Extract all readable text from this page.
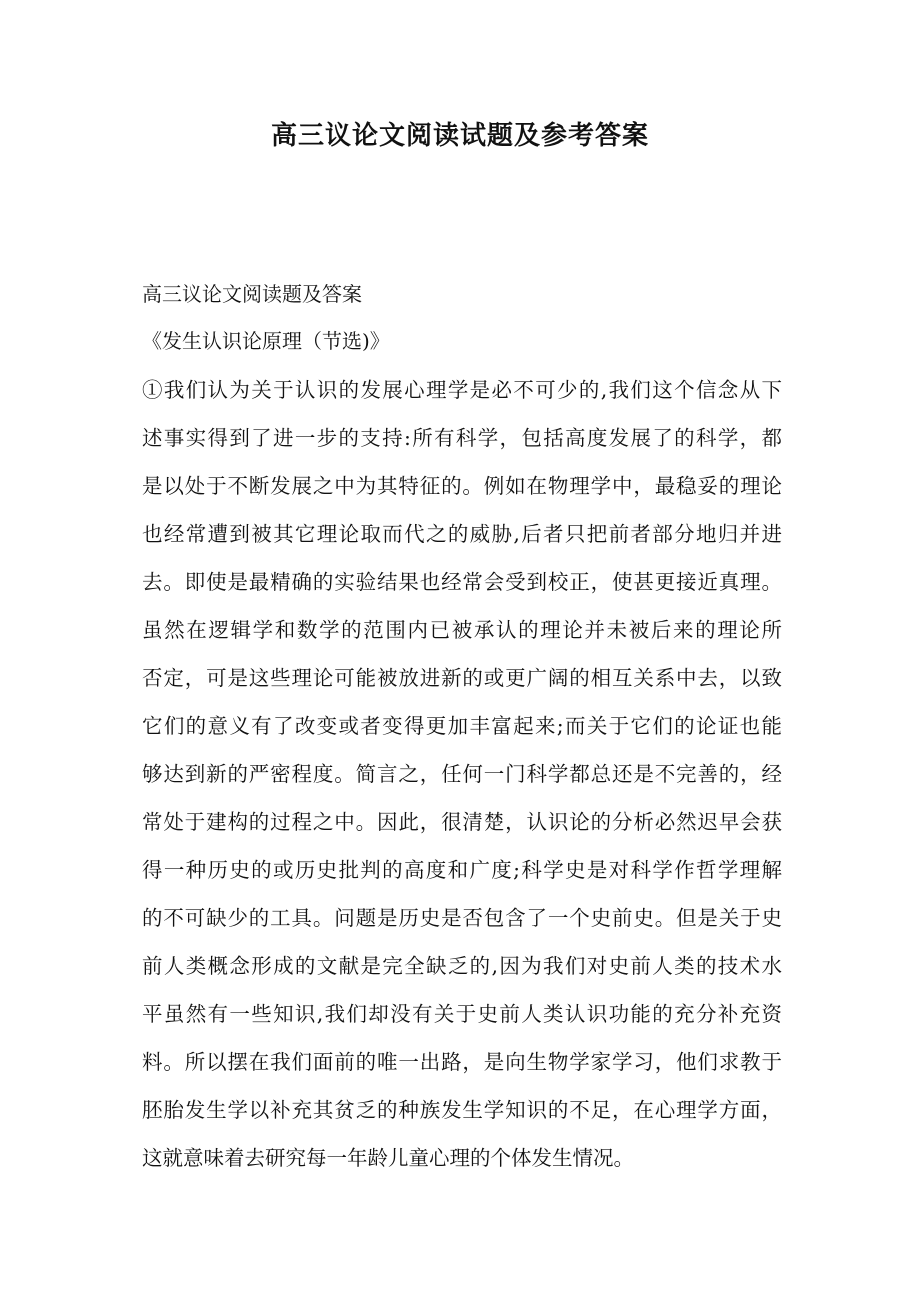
高三议论文阅读试题及参考答案

高三议论文阅读题及答案

《发生认识论原理（节选)》

①我们认为关于认识的发展心理学是必不可少的,我们这个信念从下
述事实得到了进一步的支持:所有科学，包括高度发展了的科学，都
是以处于不断发展之中为其特征的。例如在物理学中，最稳妥的理论
也经常遭到被其它理论取而代之的威胁,后者只把前者部分地归并进
去。即使是最精确的实验结果也经常会受到校正，使甚更接近真理。
虽然在逻辑学和数学的范围内已被承认的理论并未被后来的理论所
否定，可是这些理论可能被放进新的或更广阔的相互关系中去，以致
它们的意义有了改变或者变得更加丰富起来;而关于它们的论证也能
够达到新的严密程度。简言之，任何一门科学都总还是不完善的，经
常处于建构的过程之中。因此，很清楚，认识论的分析必然迟早会获
得一种历史的或历史批判的高度和广度;科学史是对科学作哲学理解
的不可缺少的工具。问题是历史是否包含了一个史前史。但是关于史
前人类概念形成的文献是完全缺乏的,因为我们对史前人类的技术水
平虽然有一些知识,我们却没有关于史前人类认识功能的充分补充资
料。所以摆在我们面前的唯一出路，是向生物学家学习，他们求教于
胚胎发生学以补充其贫乏的种族发生学知识的不足，在心理学方面，
这就意味着去研究每一年龄儿童心理的个体发生情况。
